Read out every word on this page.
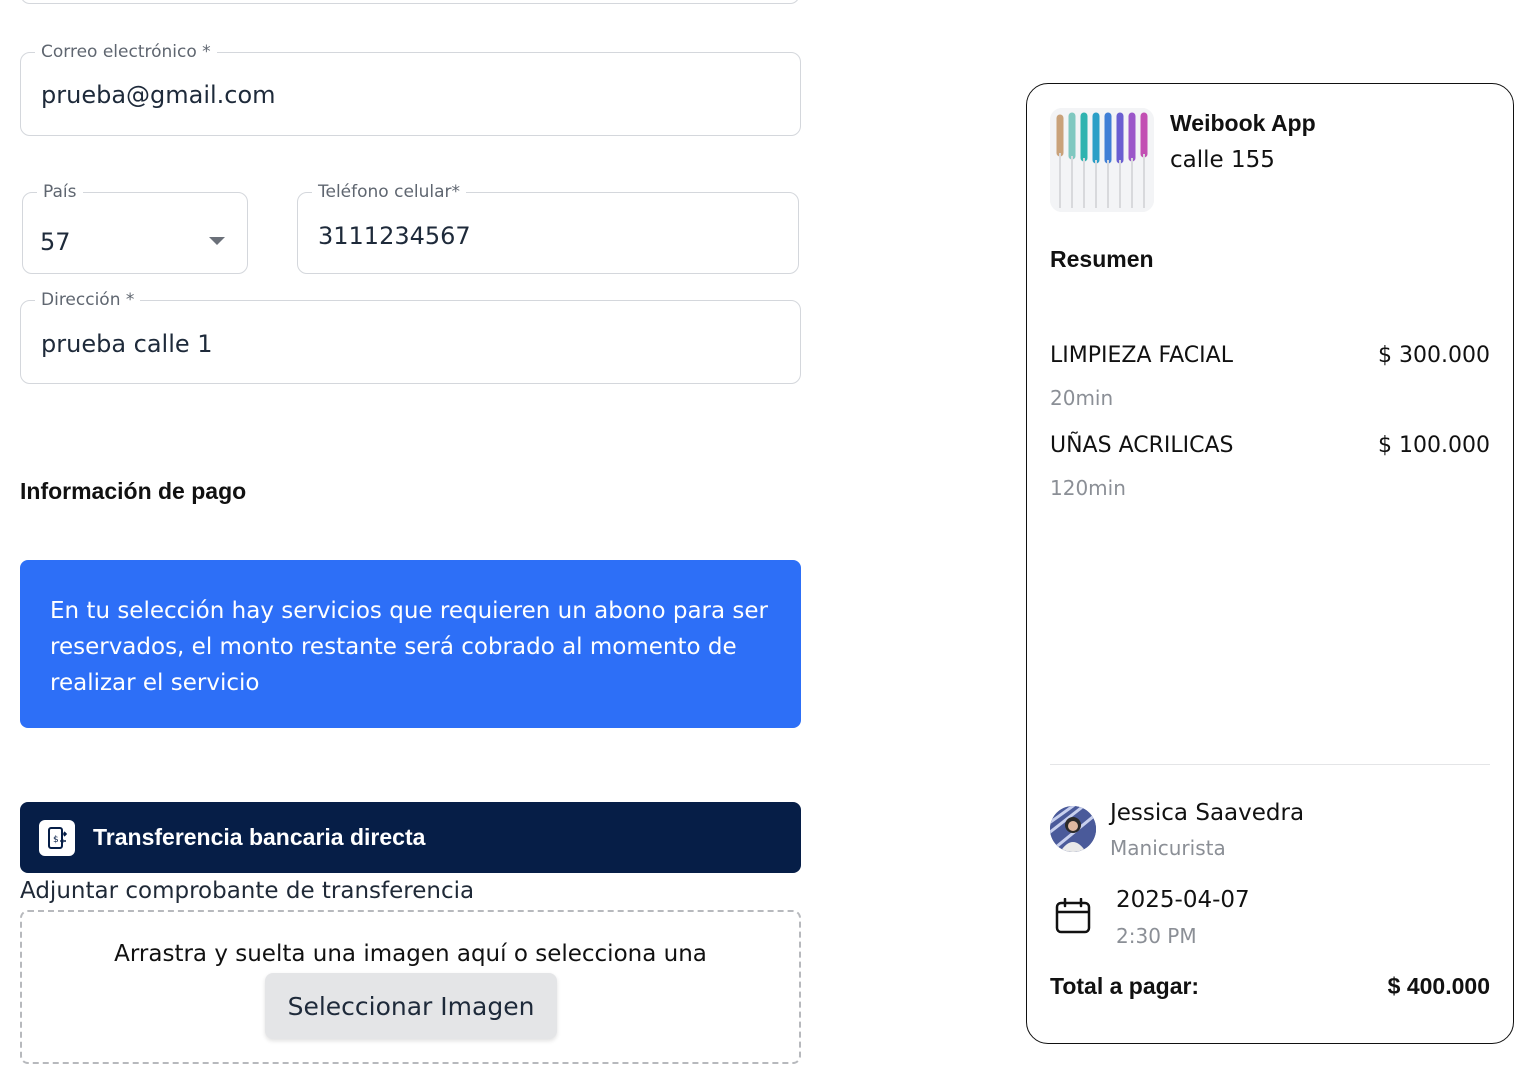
Correo electrónico *
prueba@gmail.com
País
57
Teléfono celular*
3111234567
Dirección *
prueba calle 1
Información de pago
En tu selección hay servicios que requieren un abono para ser reservados, el monto restante será cobrado al momento de realizar el servicio
$ Transferencia bancaria directa
Adjuntar comprobante de transferencia
Arrastra y suelta una imagen aquí o selecciona una
Seleccionar Imagen
Weibook App
calle 155
Resumen
LIMPIEZA FACIAL	$ 300.000
20min
UÑAS ACRILICAS	$ 100.000
120min
Jessica Saavedra
Manicurista
2025-04-07
2:30 PM
Total a pagar:	$ 400.000
